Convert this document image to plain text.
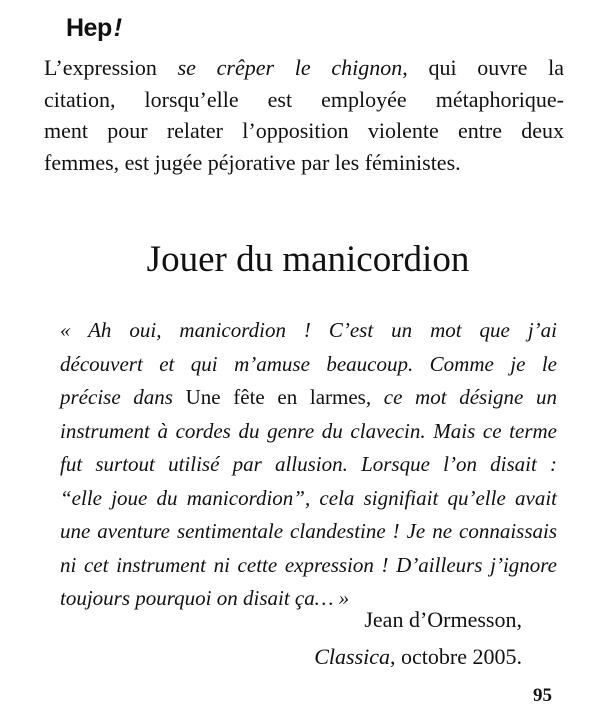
Hep!
L’expression se crêper le chignon, qui ouvre la
citation, lorsqu’elle est employée métaphorique-
ment pour relater l’opposition violente entre deux
femmes, est jugée péjorative par les féministes.
Jouer du manicordion
« Ah oui, manicordion ! C’est un mot que j’ai
découvert et qui m’amuse beaucoup. Comme je le
précise dans Une fête en larmes, ce mot désigne un
instrument à cordes du genre du clavecin. Mais ce terme
fut surtout utilisé par allusion. Lorsque l’on disait :
“elle joue du manicordion”, cela signifiait qu’elle avait
une aventure sentimentale clandestine ! Je ne connaissais
ni cet instrument ni cette expression ! D’ailleurs j’ignore
toujours pourquoi on disait ça… »
Jean d’Ormesson,
Classica, octobre 2005.
95
